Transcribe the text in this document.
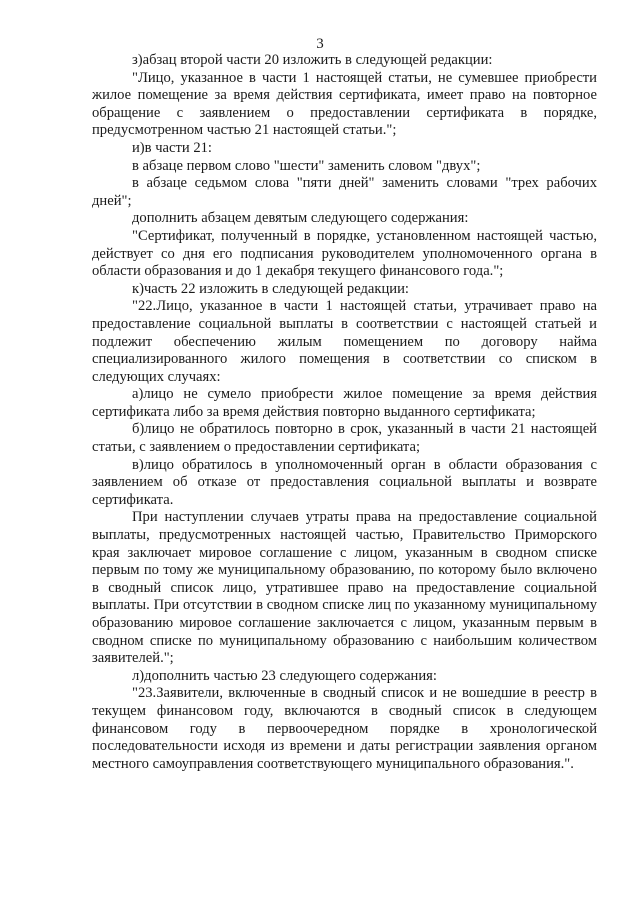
3

з)абзац второй части 20 изложить в следующей редакции:

"Лицо, указанное в части 1 настоящей статьи, не сумевшее приобрести жилое помещение за время действия сертификата, имеет право на повторное обращение с заявлением о предоставлении сертификата в порядке, предусмотренном частью 21 настоящей статьи.";

и)в части 21:

в абзаце первом слово "шести" заменить словом "двух";

в абзаце седьмом слова "пяти дней" заменить словами "трех рабочих дней";

дополнить абзацем девятым следующего содержания:

"Сертификат, полученный в порядке, установленном настоящей частью, действует со дня его подписания руководителем уполномоченного органа в области образования и до 1 декабря текущего финансового года.";

к)часть 22 изложить в следующей редакции:

"22.Лицо, указанное в части 1 настоящей статьи, утрачивает право на предоставление социальной выплаты в соответствии с настоящей статьей и подлежит обеспечению жилым помещением по договору найма специализированного жилого помещения в соответствии со списком в следующих случаях:

а)лицо не сумело приобрести жилое помещение за время действия сертификата либо за время действия повторно выданного сертификата;

б)лицо не обратилось повторно в срок, указанный в части 21 настоящей статьи, с заявлением о предоставлении сертификата;

в)лицо обратилось в уполномоченный орган в области образования с заявлением об отказе от предоставления социальной выплаты и возврате сертификата.

При наступлении случаев утраты права на предоставление социальной выплаты, предусмотренных настоящей частью, Правительство Приморского края заключает мировое соглашение с лицом, указанным в сводном списке первым по тому же муниципальному образованию, по которому было включено в сводный список лицо, утратившее право на предоставление социальной выплаты. При отсутствии в сводном списке лиц по указанному муниципальному образованию мировое соглашение заключается с лицом, указанным первым в сводном списке по муниципальному образованию с наибольшим количеством заявителей.";

л)дополнить частью 23 следующего содержания:

"23.Заявители, включенные в сводный список и не вошедшие в реестр в текущем финансовом году, включаются в сводный список в следующем финансовом году в первоочередном порядке в хронологической последовательности исходя из времени и даты регистрации заявления органом местного самоуправления соответствующего муниципального образования.".
